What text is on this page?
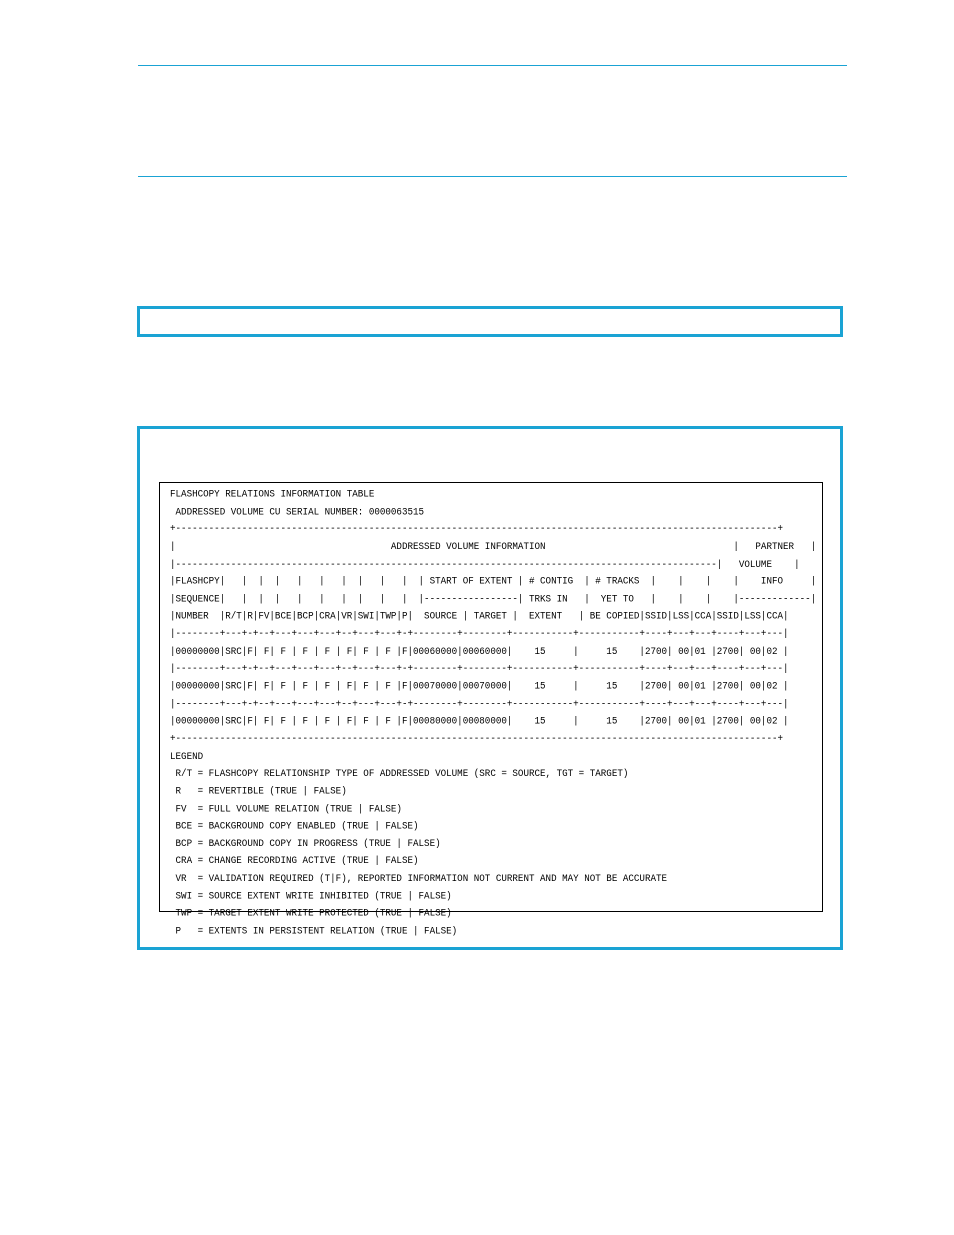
FLASHCOPY RELATIONS INFORMATION TABLE
ADDRESSED VOLUME CU SERIAL NUMBER: 0000063515
+-------------------------------------------------------------------------------------------------------------+
|                                       ADDRESSED VOLUME INFORMATION                                  |   PARTNER   |
|--------------------------------------------------------------------------------------------------|   VOLUME    |
|FLASHCPY|   |  |  |   |   |   |  |   |   |  | START OF EXTENT | # CONTIG  | # TRACKS  |    |    |    |    INFO     |
|SEQUENCE|   |  |  |   |   |   |  |   |   |  |-----------------| TRKS IN   |  YET TO   |    |    |    |-------------|
|NUMBER  |R/T|R|FV|BCE|BCP|CRA|VR|SWI|TWP|P|  SOURCE | TARGET |  EXTENT   | BE COPIED|SSID|LSS|CCA|SSID|LSS|CCA|
|--------+---+-+--+---+---+---+--+---+---+-+--------+--------+-----------+-----------+----+---+---+----+---+---|
|00000000|SRC|F| F| F | F | F | F| F | F |F|00060000|00060000|    15     |     15    |2700| 00|01 |2700| 00|02 |
|--------+---+-+--+---+---+---+--+---+---+-+--------+--------+-----------+-----------+----+---+---+----+---+---|
|00000000|SRC|F| F| F | F | F | F| F | F |F|00070000|00070000|    15     |     15    |2700| 00|01 |2700| 00|02 |
|--------+---+-+--+---+---+---+--+---+---+-+--------+--------+-----------+-----------+----+---+---+----+---+---|
|00000000|SRC|F| F| F | F | F | F| F | F |F|00080000|00080000|    15     |     15    |2700| 00|01 |2700| 00|02 |
+-------------------------------------------------------------------------------------------------------------+
LEGEND
R/T = FLASHCOPY RELATIONSHIP TYPE OF ADDRESSED VOLUME (SRC = SOURCE, TGT = TARGET)
R   = REVERTIBLE (TRUE | FALSE)
FV  = FULL VOLUME RELATION (TRUE | FALSE)
BCE = BACKGROUND COPY ENABLED (TRUE | FALSE)
BCP = BACKGROUND COPY IN PROGRESS (TRUE | FALSE)
CRA = CHANGE RECORDING ACTIVE (TRUE | FALSE)
VR  = VALIDATION REQUIRED (T|F), REPORTED INFORMATION NOT CURRENT AND MAY NOT BE ACCURATE
SWI = SOURCE EXTENT WRITE INHIBITED (TRUE | FALSE)
TWP = TARGET EXTENT WRITE PROTECTED (TRUE | FALSE)
P   = EXTENTS IN PERSISTENT RELATION (TRUE | FALSE)
